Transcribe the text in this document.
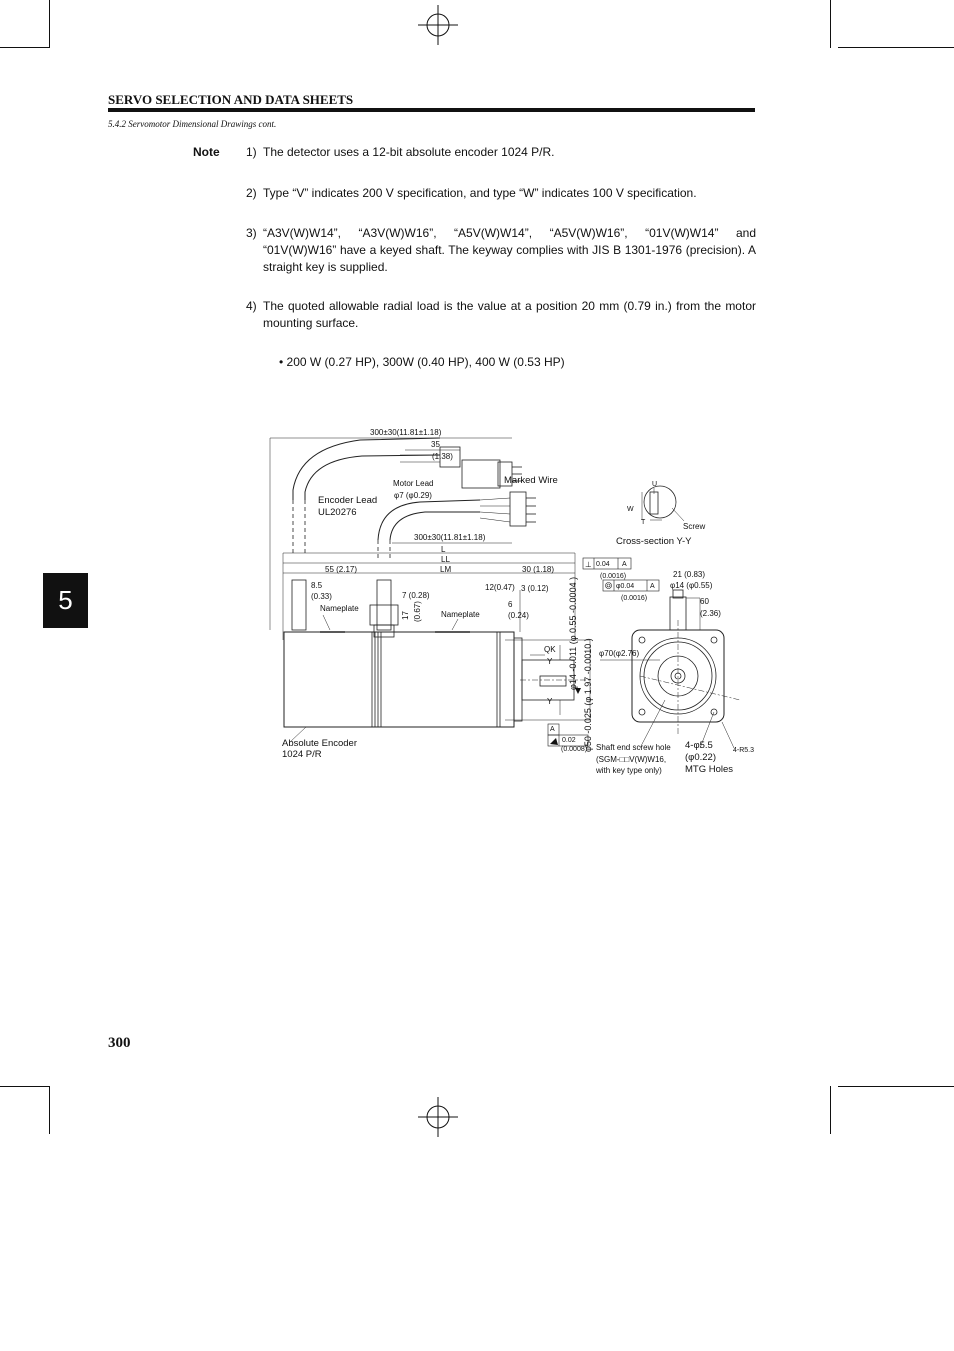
SERVO SELECTION AND DATA SHEETS
5.4.2 Servomotor Dimensional Drawings cont.
Note 1) The detector uses a 12-bit absolute encoder 1024 P/R.
2) Type “V” indicates 200 V specification, and type “W” indicates 100 V specification.
3) “A3V(W)W14”, “A3V(W)W16”, “A5V(W)W14”, “A5V(W)W16”, “01V(W)W14” and “01V(W)W16” have a keyed shaft. The keyway complies with JIS B 1301-1976 (precision). A straight key is supplied.
4) The quoted allowable radial load is the value at a position 20 mm (0.79 in.) from the motor mounting surface.
• 200 W (0.27 HP), 300W (0.40 HP), 400 W (0.53 HP)
5
⊥
300±30(11.81±1.18)
35
(1.38)
Motor Lead
φ7 (φ0.29)
Marked Wire
Encoder Lead
UL20276
300±30(11.81±1.18)
L
LL
LM
55 (2.17)	30 (1.18)
8.5
(0.33)	7 (0.28)
17 (0.67)
Nameplate
Nameplate
12(0.47) 3 (0.12)
6
(0.24)
QK
Y
Y
φ14 -0.011 (φ 0.55 -0.0004 )
φ50 -0.025 (φ 1.97 -0.0010 )
0.04 A
(0.0016)
φ0.04 A
(0.0016)
A
0.02
(0.0008)
21 (0.83)
φ14 (φ0.55)
60
(2.36)
φ70(φ2.76)
U
W
T	Screw
Cross-section Y-Y
Absolute Encoder
1024 P/R
Shaft end screw hole
(SGM-□□V(W)W16,
with key type only)
4-φ5.5
(φ0.22)
MTG Holes
4-R5.3
300
